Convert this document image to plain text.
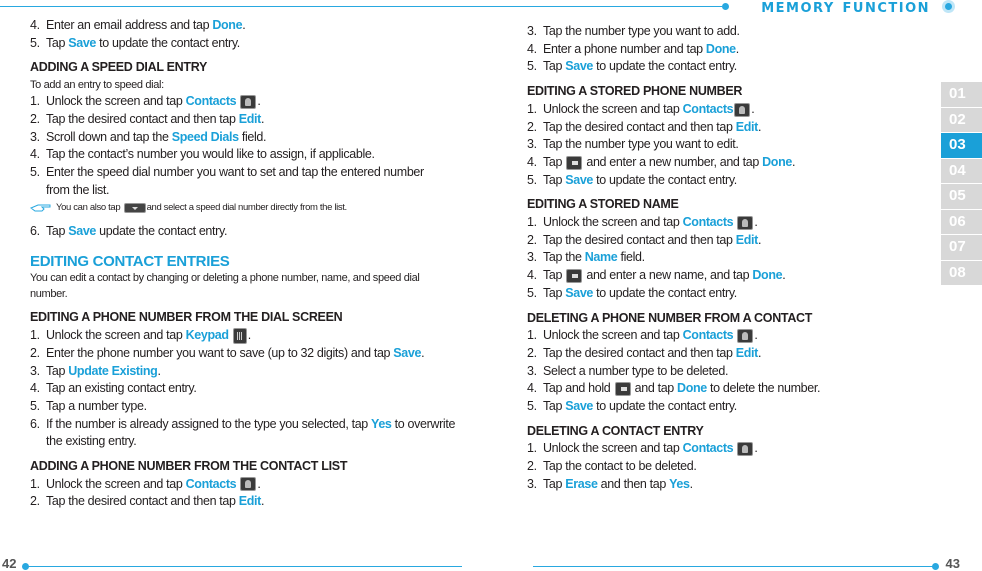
memory function
42	43
01
02
03
04
05
06
07
08
4. Enter an email address and tap Done.
5. Tap Save to update the contact entry.
ADDING A SPEED DIAL ENTRY
To add an entry to speed dial:
1. Unlock the screen and tap Contacts .
2. Tap the desired contact and then tap Edit.
3. Scroll down and tap the Speed Dials field.
4. Tap the contact’s number you would like to assign, if applicable.
5. Enter the speed dial number you want to set and tap the entered number
from the list.
You can also tap	and select a speed dial number directly from the list.
6. Tap Save update the contact entry.
EDITING CONTACT ENTRIES
You can edit a contact by changing or deleting a phone number, name, and speed dial
number.
EDITING A PHONE NUMBER FROM THE DIAL SCREEN
1. Unlock the screen and tap Keypad .
2. Enter the phone number you want to save (up to 32 digits) and tap Save.
3. Tap Update Existing.
4. Tap an existing contact entry.
5. Tap a number type.
6. If the number is already assigned to the type you selected, tap Yes to overwrite
the existing entry.
ADDING A PHONE NUMBER FROM THE CONTACT LIST
1. Unlock the screen and tap Contacts .
2. Tap the desired contact and then tap Edit.
3. Tap the number type you want to add.
4. Enter a phone number and tap Done.
5. Tap Save to update the contact entry.
EDITING A STORED PHONE NUMBER
1. Unlock the screen and tap Contacts .
2. Tap the desired contact and then tap Edit.
3. Tap the number type you want to edit.
4. Tap  and enter a new number, and tap Done.
5. Tap Save to update the contact entry.
EDITING A STORED NAME
1. Unlock the screen and tap Contacts .
2. Tap the desired contact and then tap Edit.
3. Tap the Name field.
4. Tap  and enter a new name, and tap Done.
5. Tap Save to update the contact entry.
DELETING A PHONE NUMBER FROM A CONTACT
1. Unlock the screen and tap Contacts .
2. Tap the desired contact and then tap Edit.
3. Select a number type to be deleted.
4. Tap and hold  and tap Done to delete the number.
5. Tap Save to update the contact entry.
DELETING A CONTACT ENTRY
1. Unlock the screen and tap Contacts .
2. Tap the contact to be deleted.
3. Tap Erase and then tap Yes.
